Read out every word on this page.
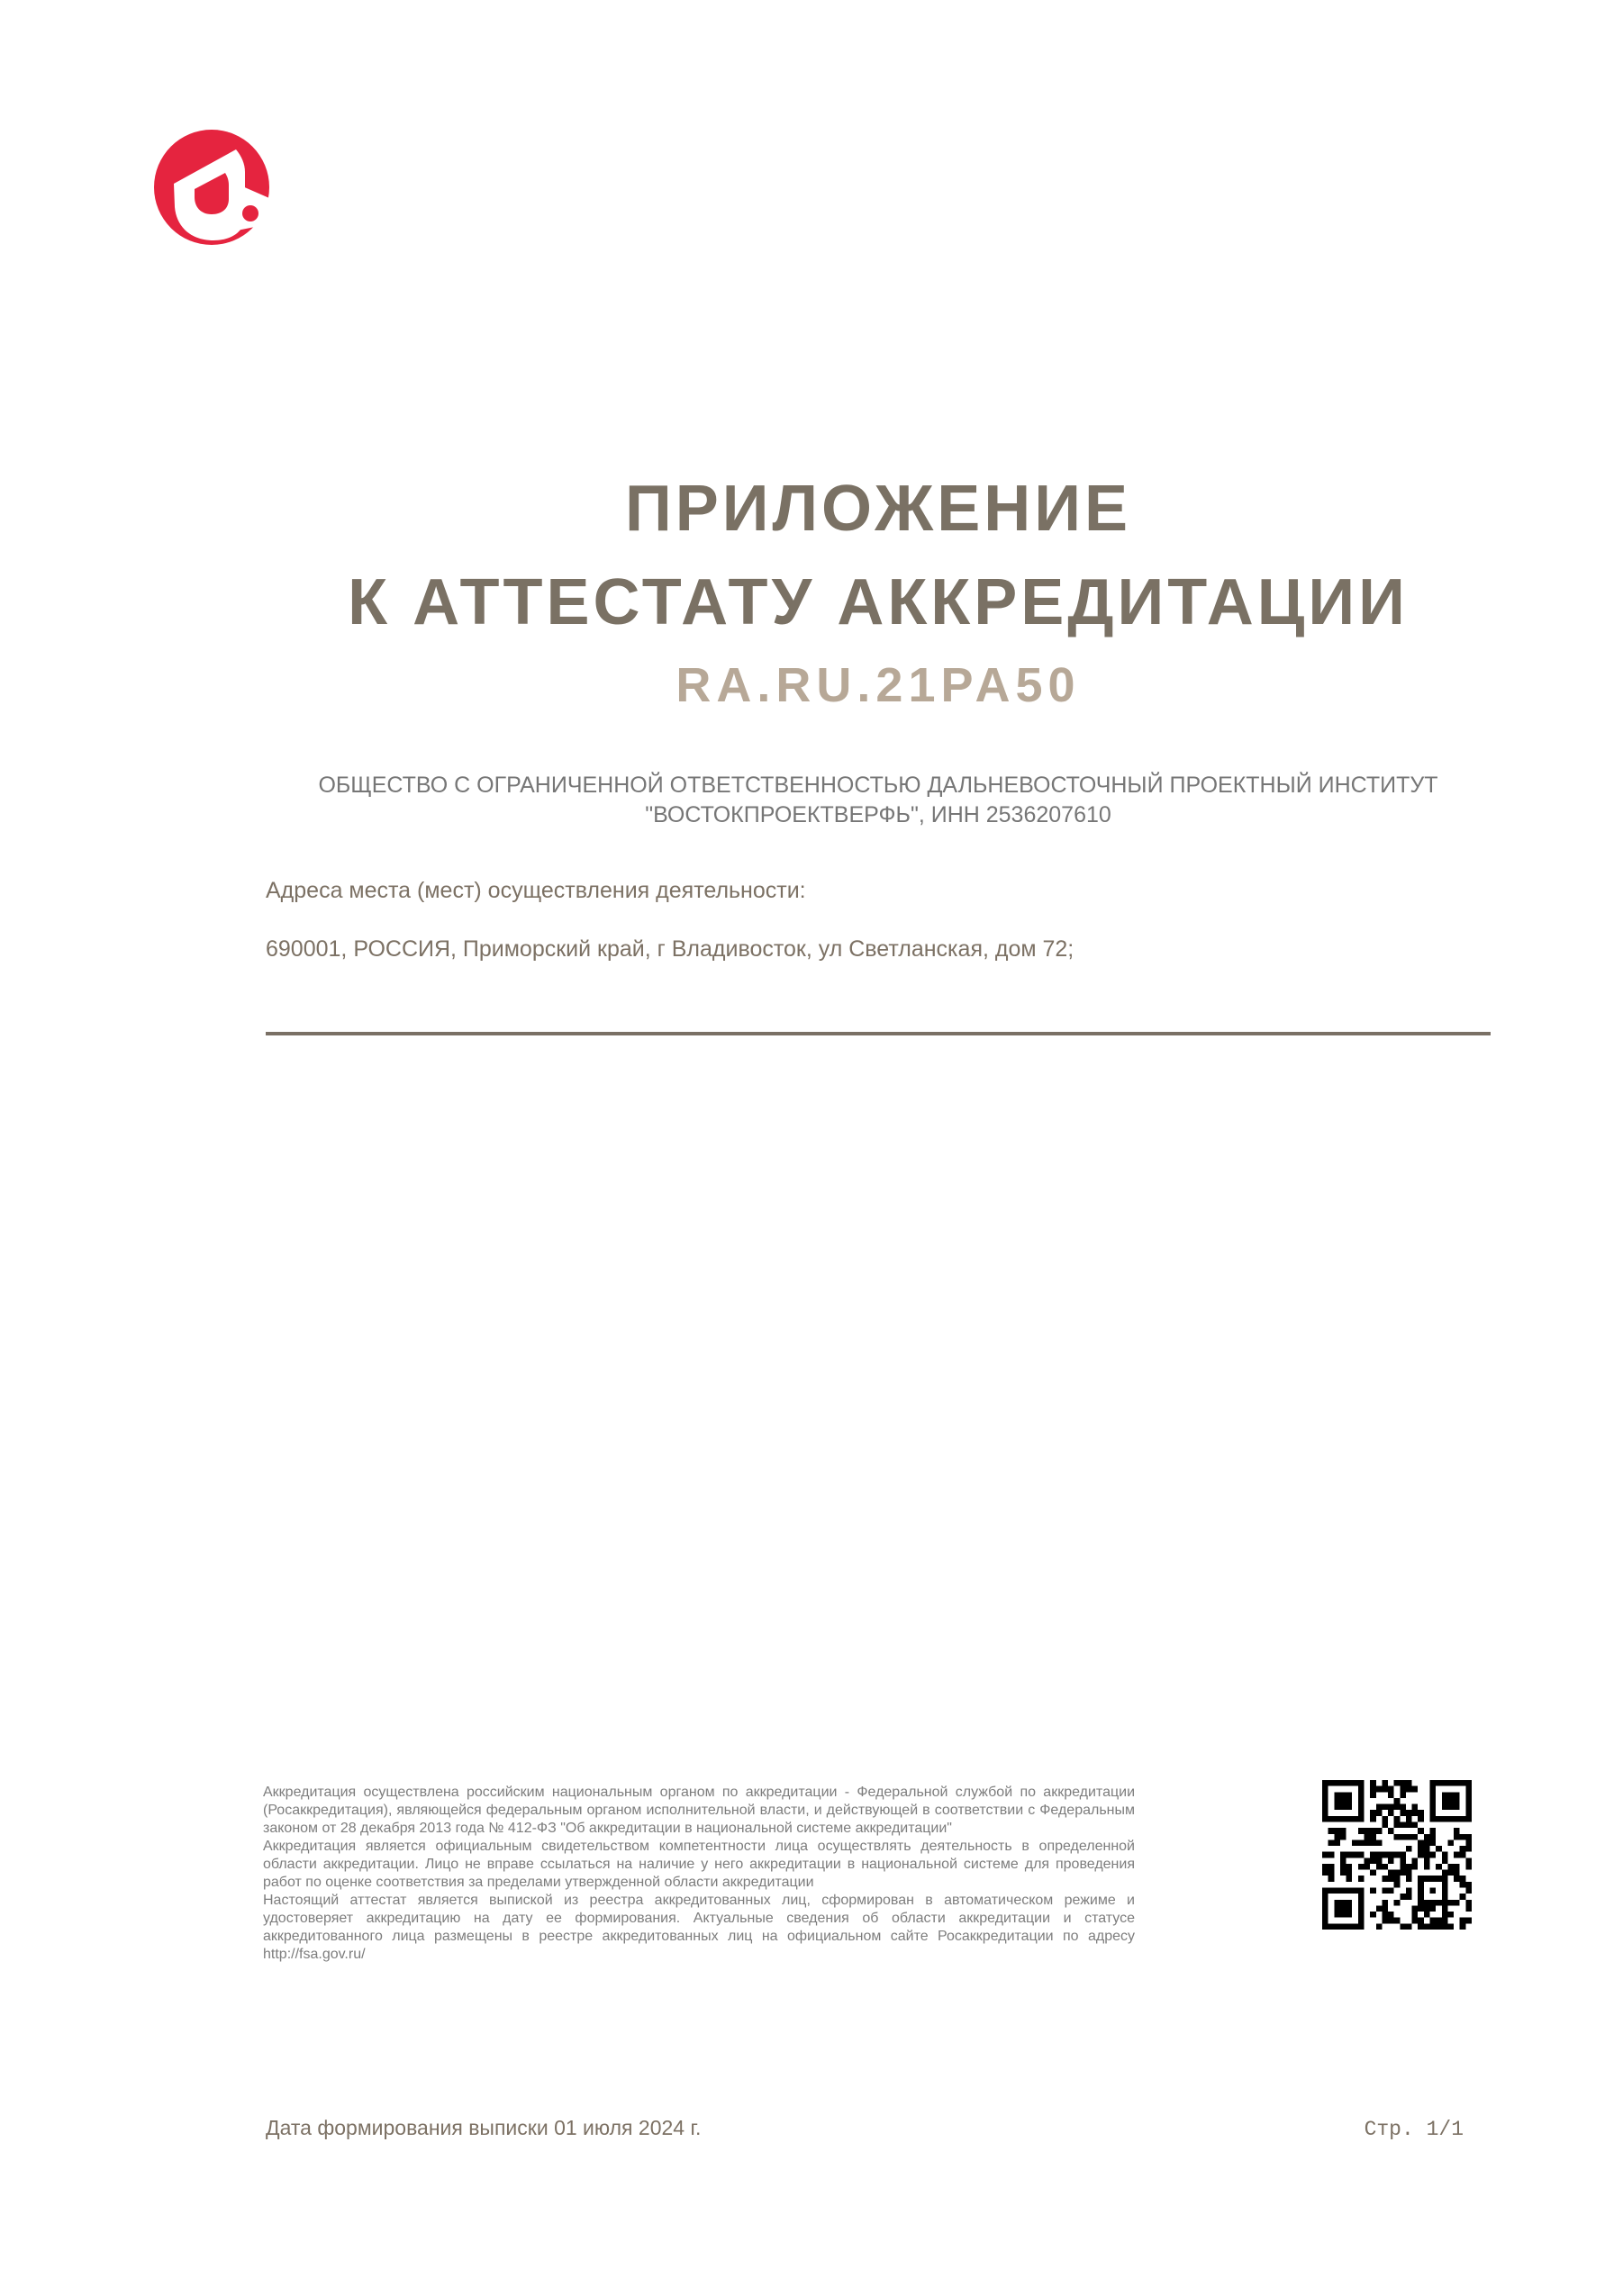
ПРИЛОЖЕНИЕ
К АТТЕСТАТУ АККРЕДИТАЦИИ
RA.RU.21PA50
ОБЩЕСТВО С ОГРАНИЧЕННОЙ ОТВЕТСТВЕННОСТЬЮ ДАЛЬНЕВОСТОЧНЫЙ ПРОЕКТНЫЙ ИНСТИТУТ "ВОСТОКПРОЕКТВЕРФЬ", ИНН 2536207610
Адреса места (мест) осуществления деятельности:
690001, РОССИЯ, Приморский край, г Владивосток, ул Светланская, дом 72;

Аккредитация осуществлена российским национальным органом по аккредитации - Федеральной службой по аккредитации (Росаккредитация), являющейся федеральным органом исполнительной власти, и действующей в соответствии с Федеральным законом от 28 декабря 2013 года № 412-ФЗ "Об аккредитации в национальной системе аккредитации"

Аккредитация является официальным свидетельством компетентности лица осуществлять деятельность в определенной области аккредитации. Лицо не вправе ссылаться на наличие у него аккредитации в национальной системе для проведения работ по оценке соответствия за пределами утвержденной области аккредитации

Настоящий аттестат является выпиской из реестра аккредитованных лиц, сформирован в автоматическом режиме и удостоверяет аккредитацию на дату ее формирования. Актуальные сведения об области аккредитации и статусе аккредитованного лица размещены в реестре аккредитованных лиц на официальном сайте Росаккредитации по адресу http://fsa.gov.ru/

Дата формирования выписки 01 июля 2024 г.	Стр. 1/1
